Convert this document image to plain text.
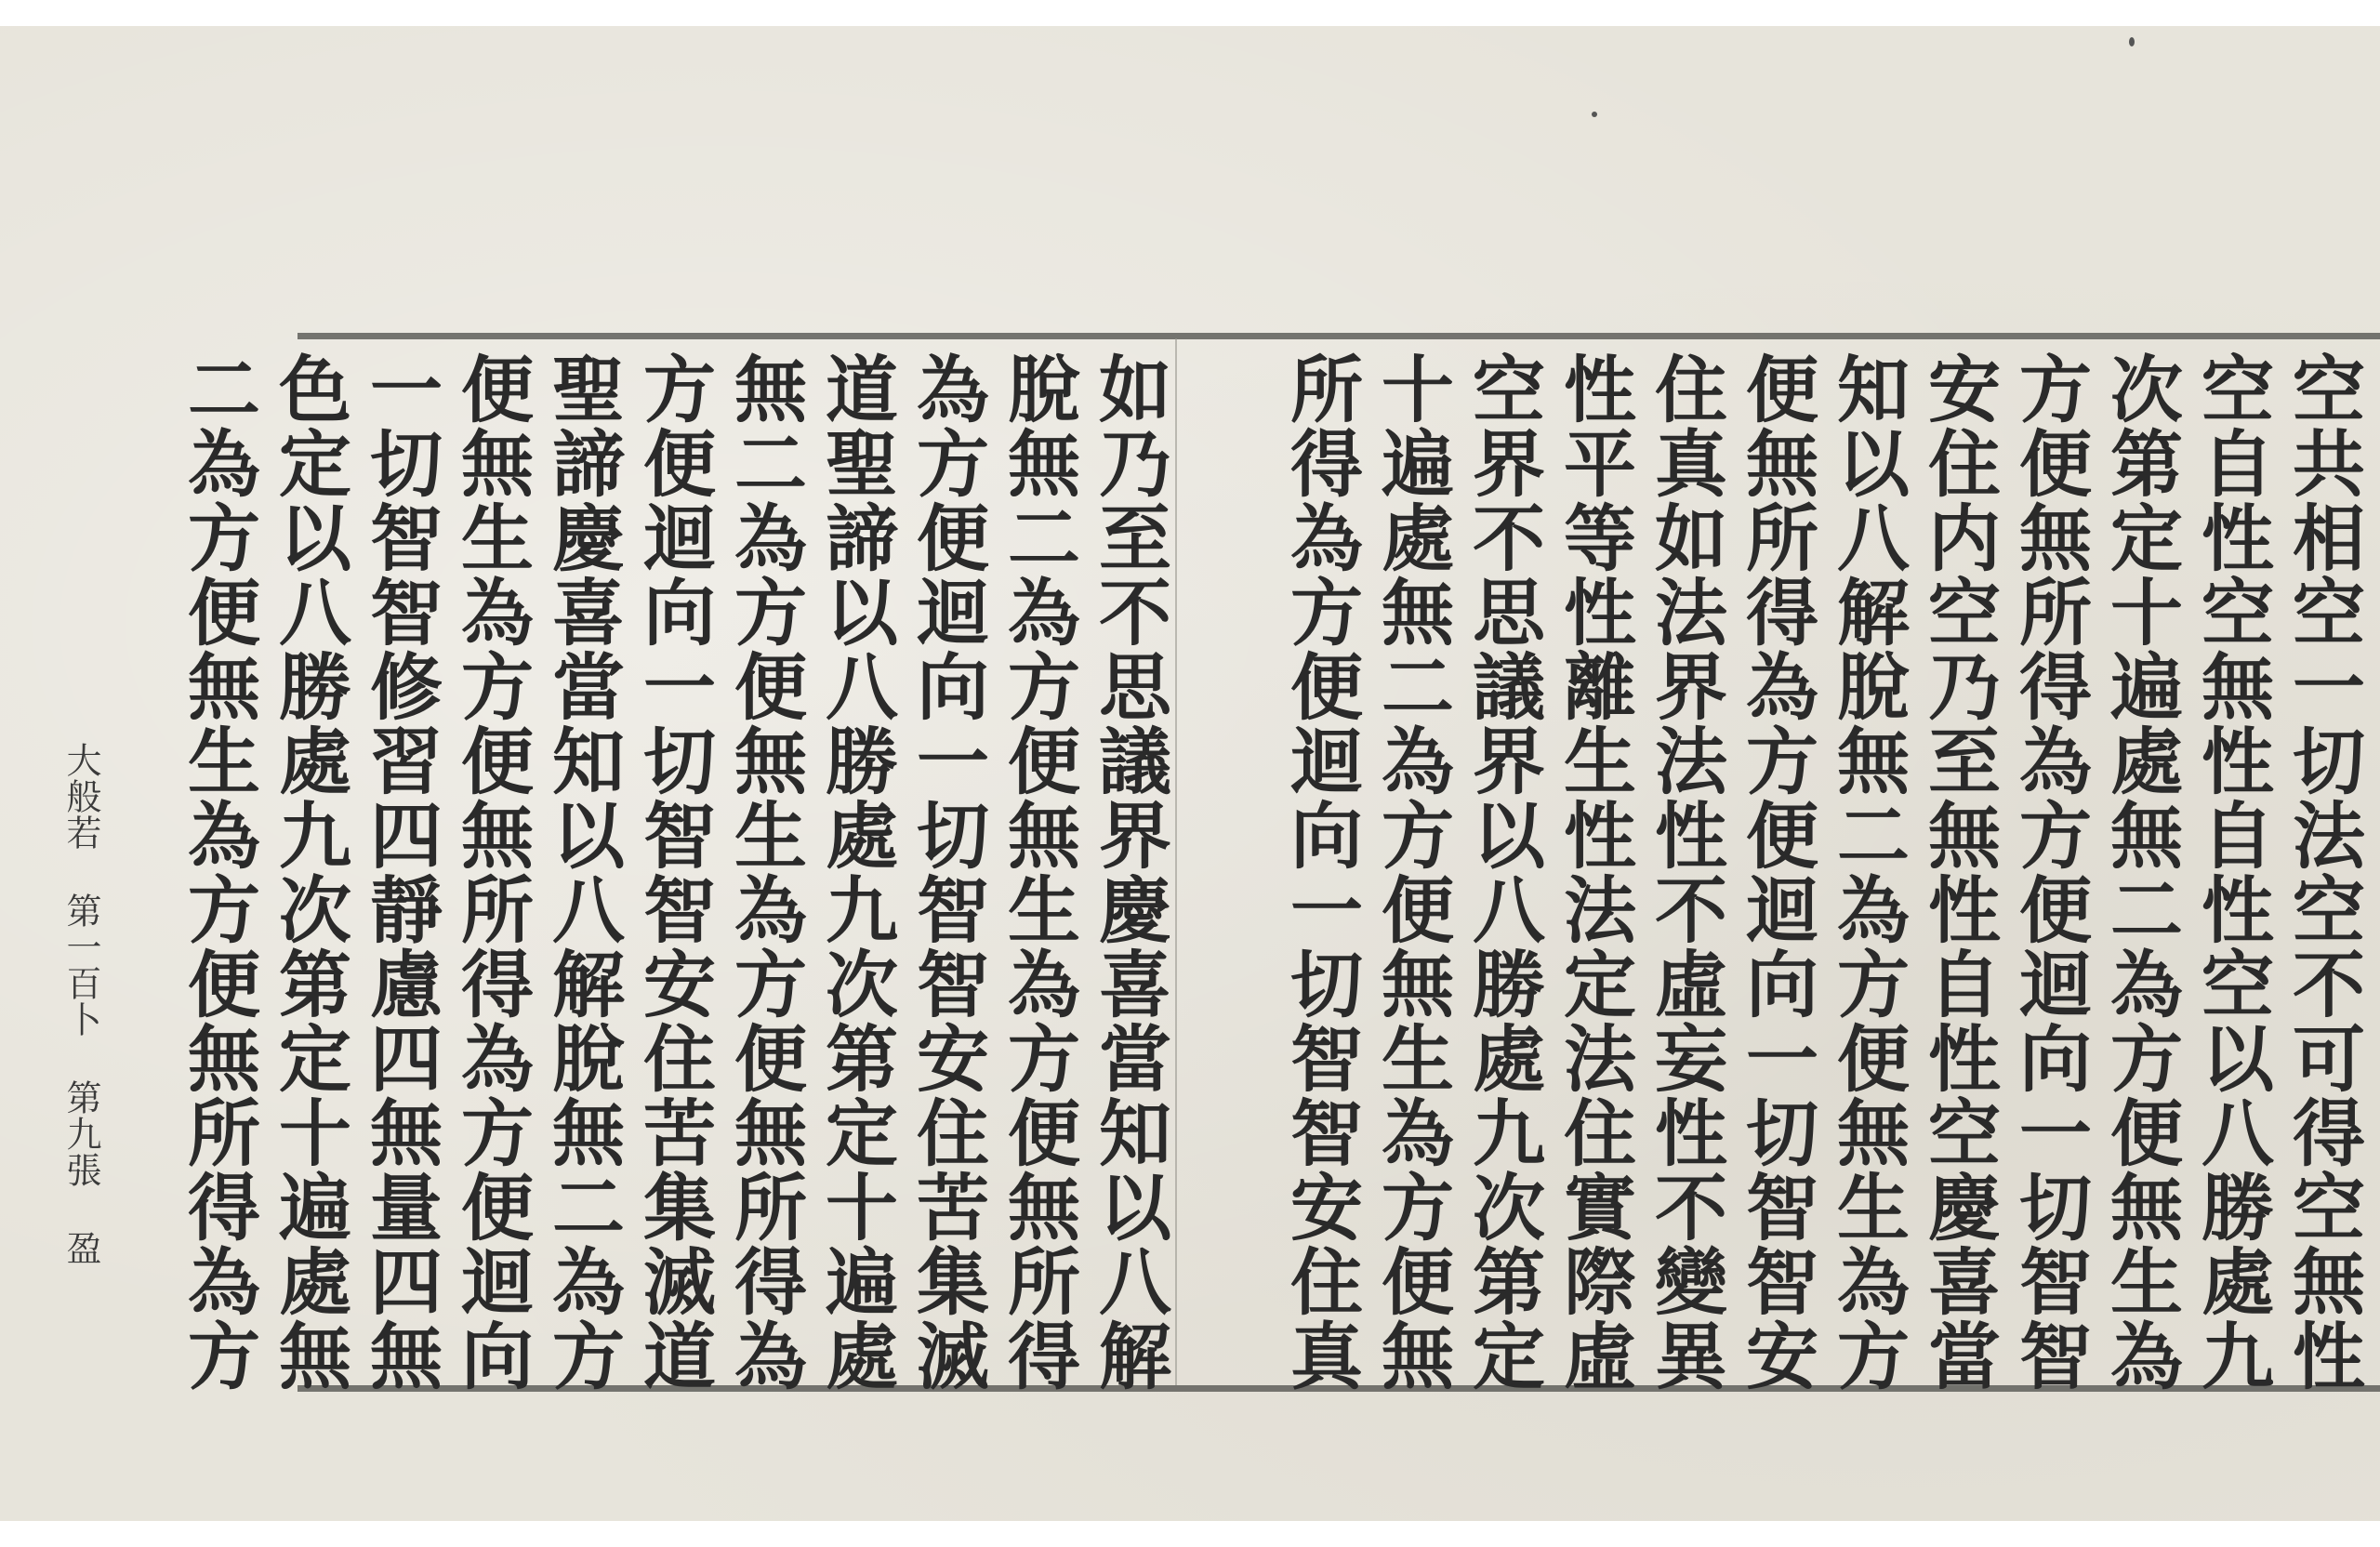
空共相空一切法空不可得空無性
空自性空無性自性空以八勝處九
次第定十遍處無二為方便無生為
方便無所得為方便迴向一切智智
安住内空乃至無性自性空慶喜當
知以八解脫無二為方便無生為方
便無所得為方便迴向一切智智安
住真如法界法性不虛妄性不變異
性平等性離生性法定法住實際虛
空界不思議界以八勝處九次第定
十遍處無二為方便無生為方便無
所得為方便迴向一切智智安住真
如乃至不思議界慶喜當知以八解
脫無二為方便無生為方便無所得
為方便迴向一切智智安住苦集滅
道聖諦以八勝處九次第定十遍處
無二為方便無生為方便無所得為
方便迴向一切智智安住苦集滅道
聖諦慶喜當知以八解脫無二為方
便無生為方便無所得為方便迴向
一切智智修習四靜慮四無量四無
色定以八勝處九次第定十遍處無
二為方便無生為方便無所得為方
大般若 第一百卜 第九張 盈
